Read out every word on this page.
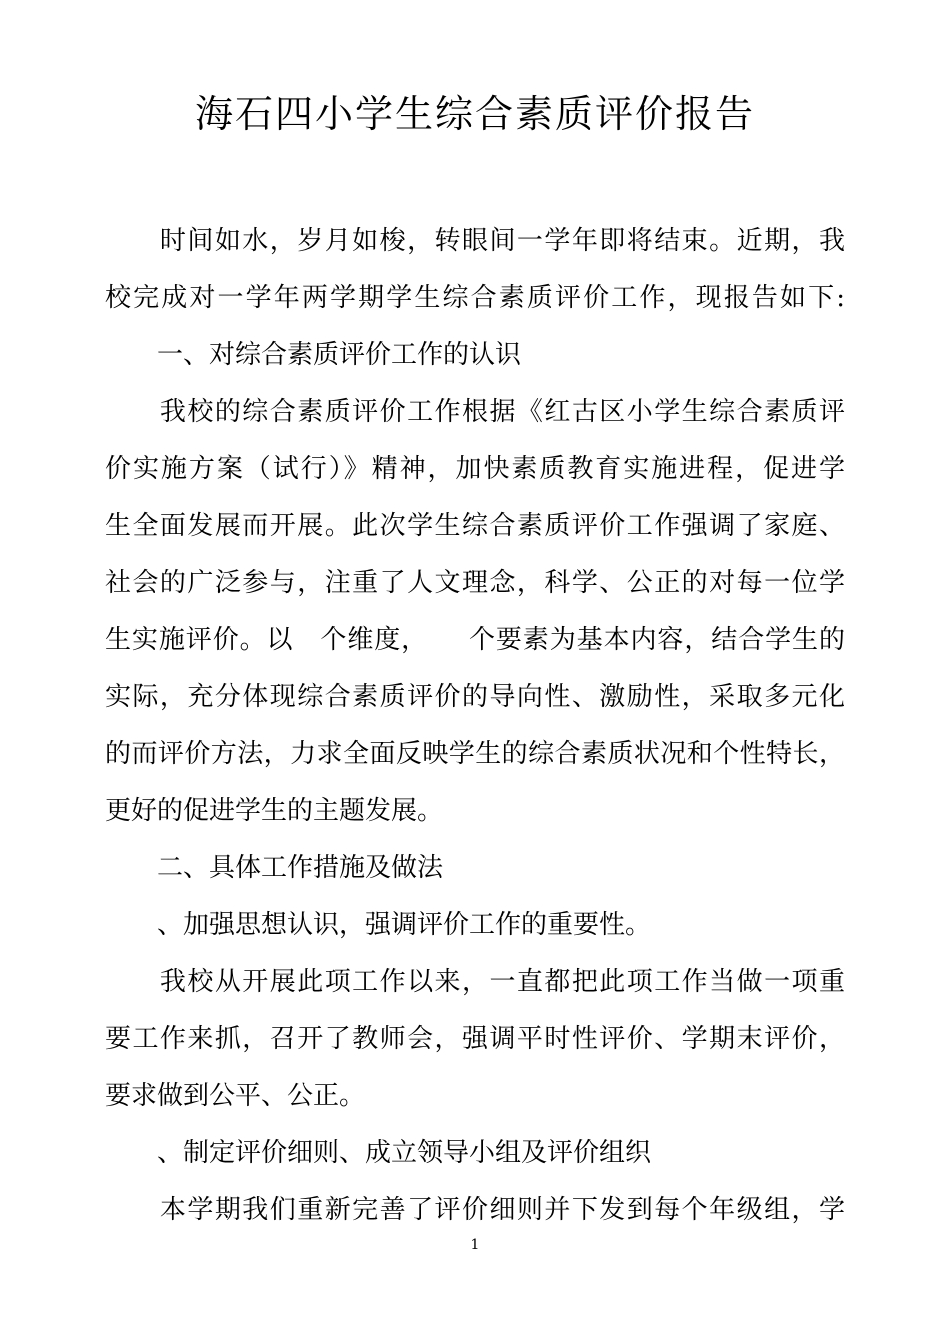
海石四小学生综合素质评价报告
　　时间如水，岁月如梭，转眼间一学年即将结束。近期，我
校完成对一学年两学期学生综合素质评价工作，现报告如下:
　　一、对综合素质评价工作的认识
　　我校的综合素质评价工作根据《红古区小学生综合素质评
价实施方案（试行）》精神，加快素质教育实施进程，促进学
生全面发展而开展。此次学生综合素质评价工作强调了家庭、
社会的广泛参与，注重了人文理念，科学、公正的对每一位学
生实施评价。以　个维度，　　个要素为基本内容，结合学生的
实际，充分体现综合素质评价的导向性、激励性，采取多元化
的而评价方法，力求全面反映学生的综合素质状况和个性特长，
更好的促进学生的主题发展。
　　二、具体工作措施及做法
　　、加强思想认识，强调评价工作的重要性。
　　我校从开展此项工作以来，一直都把此项工作当做一项重
要工作来抓，召开了教师会，强调平时性评价、学期末评价，
要求做到公平、公正。
　　、制定评价细则、成立领导小组及评价组织
　　本学期我们重新完善了评价细则并下发到每个年级组，学
1
